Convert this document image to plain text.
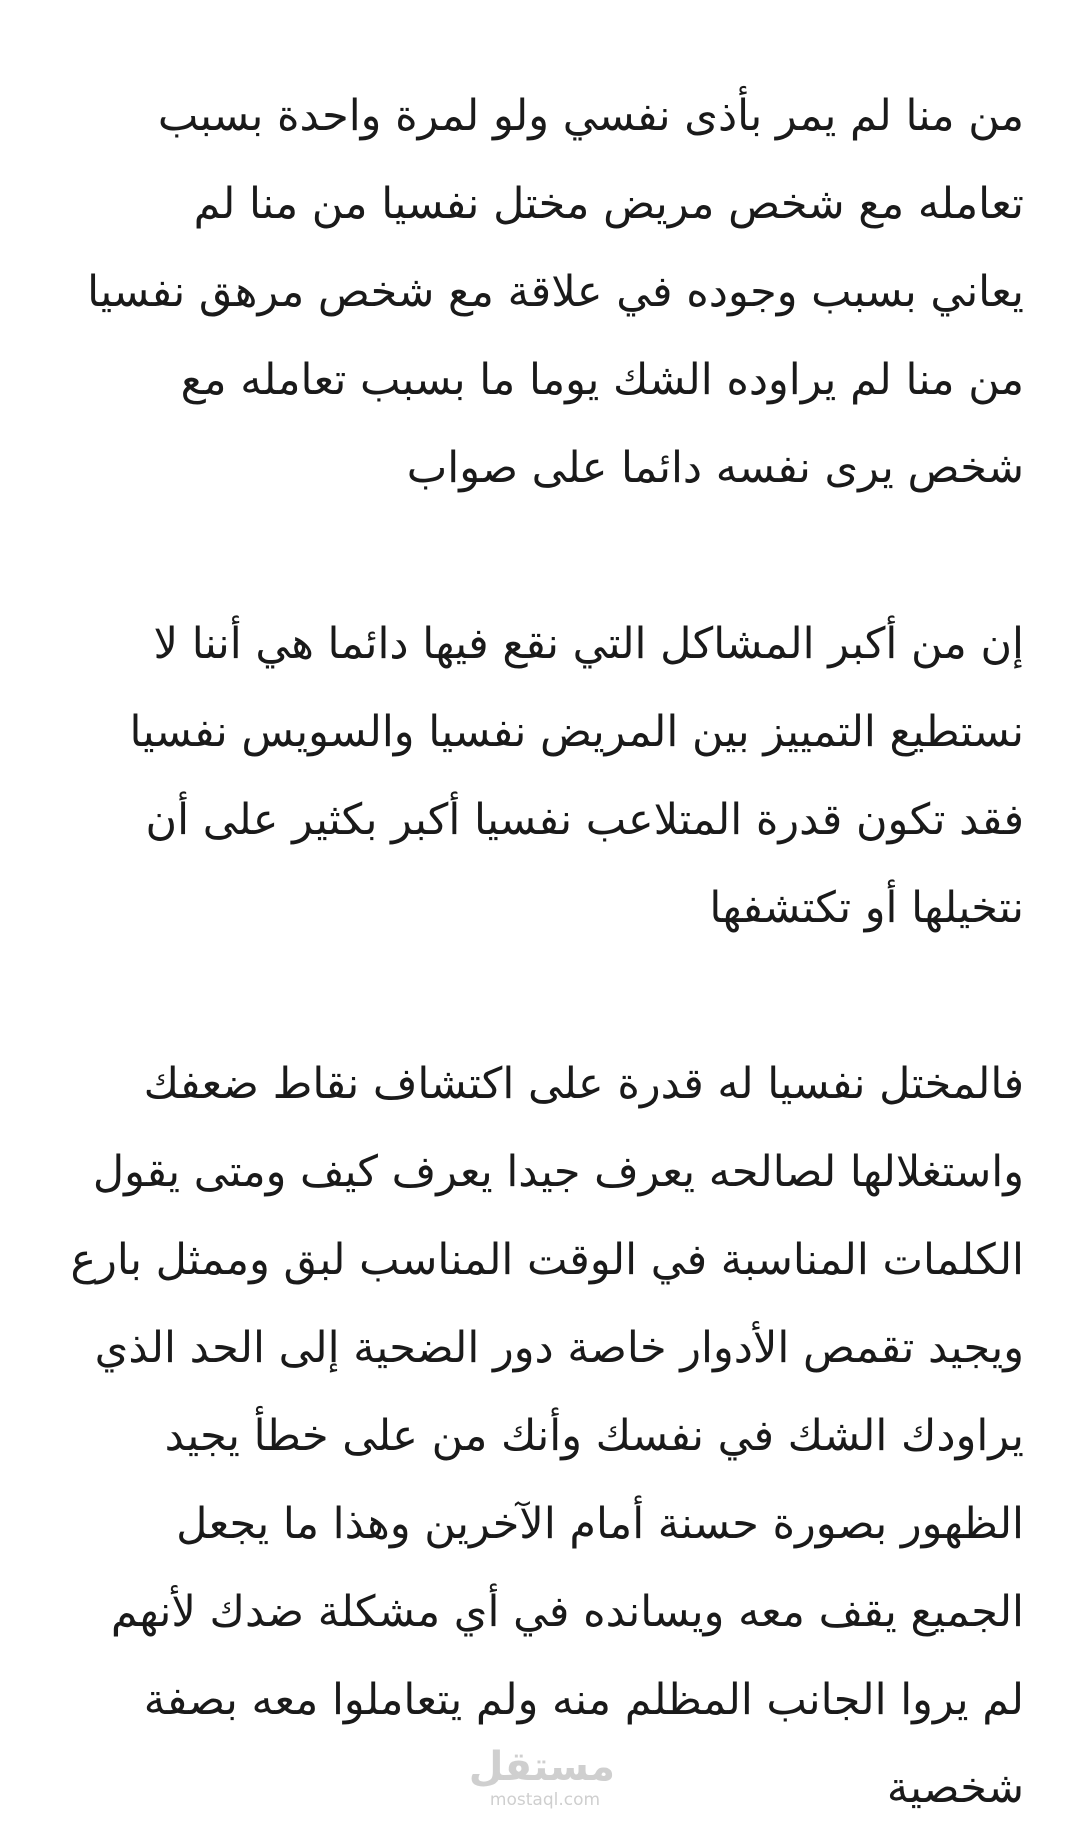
من منا لم يمر بأذى نفسي ولو لمرة واحدة بسبب
تعامله مع شخص مريض مختل نفسيا من منا لم
يعاني بسبب وجوده في علاقة مع شخص مرهق نفسيا
من منا لم يراوده الشك يوما ما بسبب تعامله مع
شخص يرى نفسه دائما على صواب
إن من أكبر المشاكل التي نقع فيها دائما هي أننا لا
نستطيع التمييز بين المريض نفسيا والسويس نفسيا
فقد تكون قدرة المتلاعب نفسيا أكبر بكثير على أن
نتخيلها أو تكتشفها
فالمختل نفسيا له قدرة على اكتشاف نقاط ضعفك
واستغلالها لصالحه يعرف جيدا يعرف كيف ومتى يقول
الكلمات المناسبة في الوقت المناسب لبق وممثل بارع
ويجيد تقمص الأدوار خاصة دور الضحية إلى الحد الذي
يراودك الشك في نفسك وأنك من على خطأ يجيد
الظهور بصورة حسنة أمام الآخرين وهذا ما يجعل
الجميع يقف معه ويسانده في أي مشكلة ضدك لأنهم
لم يروا الجانب المظلم منه ولم يتعاملوا معه بصفة
شخصية
مستقل
mostaql.com
